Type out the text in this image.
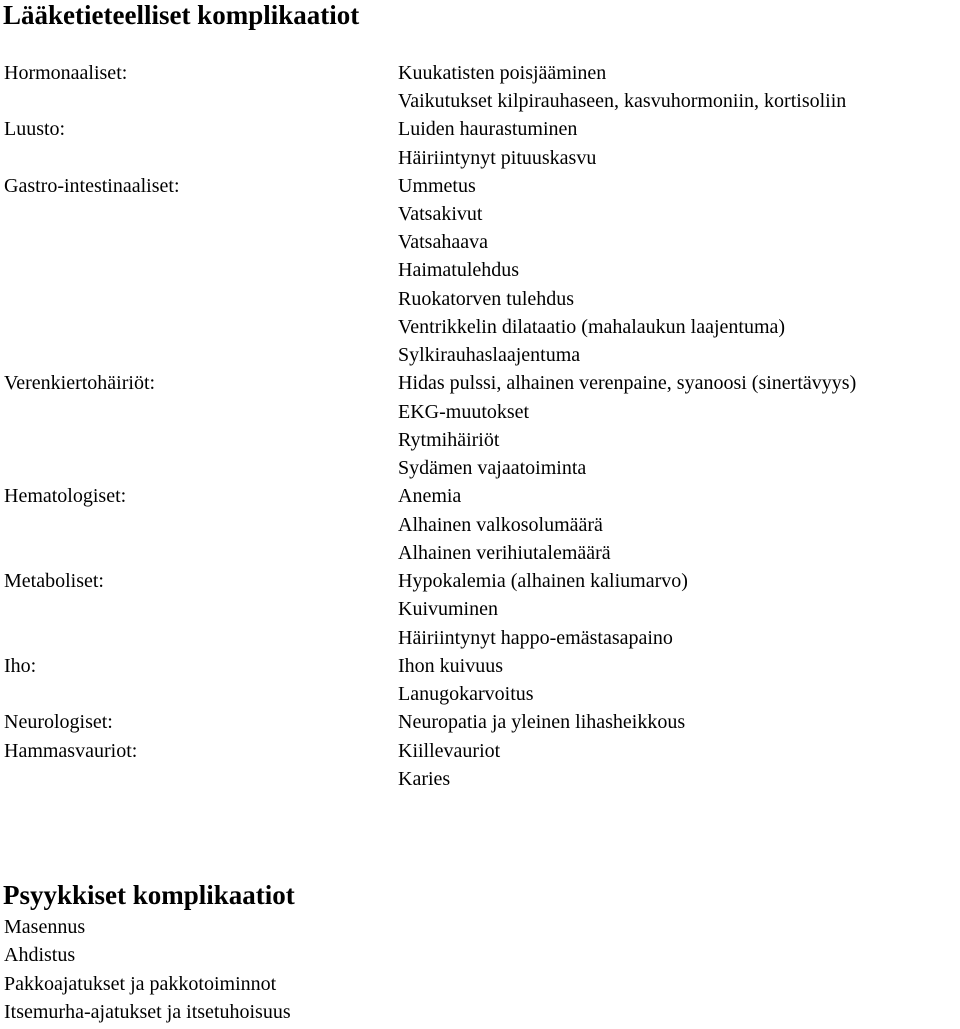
Lääketieteelliset komplikaatiot

Hormonaaliset:	Kuukatisten poisjääminen

Vaikutukset kilpirauhaseen, kasvuhormoniin, kortisoliin

Luusto:	Luiden haurastuminen

Häiriintynyt pituuskasvu

Gastro-intestinaaliset:	Ummetus

Vatsakivut

Vatsahaava

Haimatulehdus

Ruokatorven tulehdus

Ventrikkelin dilataatio (mahalaukun laajentuma)

Sylkirauhaslaajentuma

Verenkiertohäiriöt:	Hidas pulssi, alhainen verenpaine, syanoosi (sinertävyys)

EKG-muutokset

Rytmihäiriöt

Sydämen vajaatoiminta

Hematologiset:	Anemia

Alhainen valkosolumäärä

Alhainen verihiutalemäärä

Metaboliset:	Hypokalemia (alhainen kaliumarvo)

Kuivuminen

Häiriintynyt happo-emästasapaino

Iho:	Ihon kuivuus

Lanugokarvoitus

Neurologiset:	Neuropatia ja yleinen lihasheikkous

Hammasvauriot:	Kiillevauriot

Karies

Psyykkiset komplikaatiot

Masennus

Ahdistus

Pakkoajatukset ja pakkotoiminnot

Itsemurha-ajatukset ja itsetuhoisuus
